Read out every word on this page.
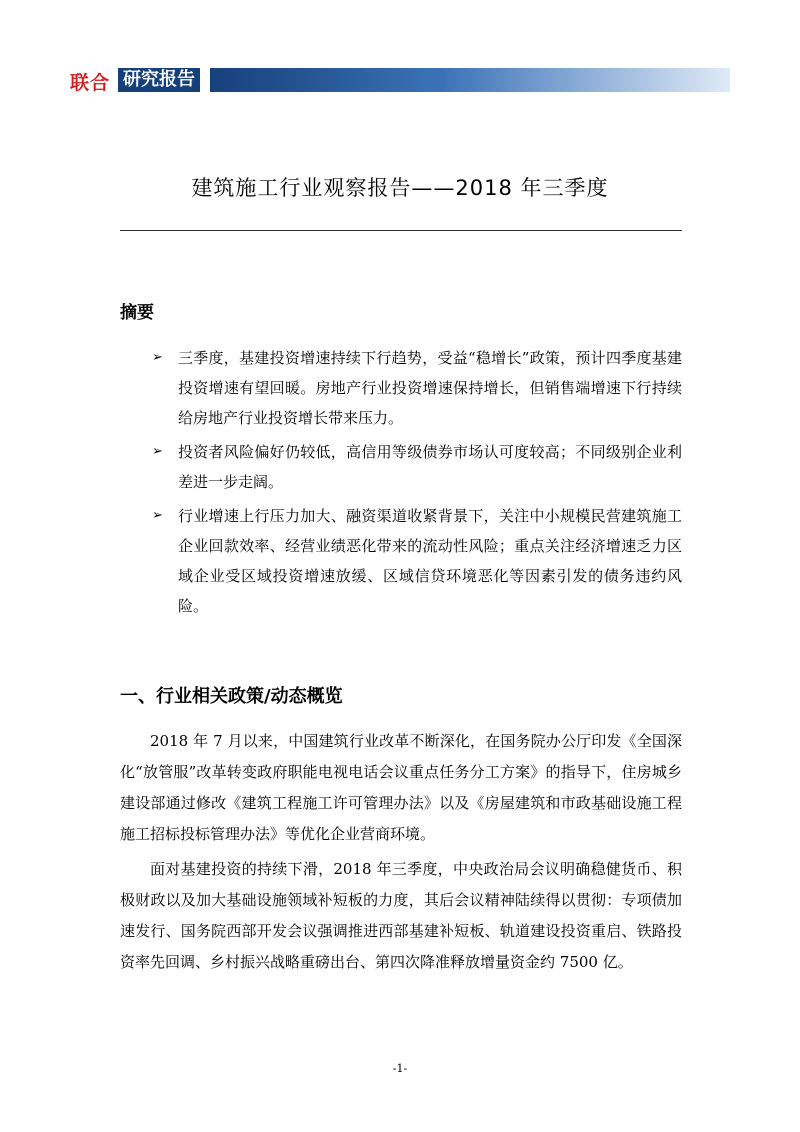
联合 研究报告
建筑施工行业观察报告——2018 年三季度
摘要
➢ 三季度，基建投资增速持续下行趋势，受益“稳增长”政策，预计四季度基建投资增速有望回暖。房地产行业投资增速保持增长，但销售端增速下行持续给房地产行业投资增长带来压力。
➢ 投资者风险偏好仍较低，高信用等级债券市场认可度较高；不同级别企业利差进一步走阔。
➢ 行业增速上行压力加大、融资渠道收紧背景下，关注中小规模民营建筑施工企业回款效率、经营业绩恶化带来的流动性风险；重点关注经济增速乏力区域企业受区域投资增速放缓、区域信贷环境恶化等因素引发的债务违约风险。
一、行业相关政策/动态概览

2018 年 7 月以来，中国建筑行业改革不断深化，在国务院办公厅印发《全国深化“放管服”改革转变政府职能电视电话会议重点任务分工方案》的指导下，住房城乡建设部通过修改《建筑工程施工许可管理办法》以及《房屋建筑和市政基础设施工程施工招标投标管理办法》等优化企业营商环境。

面对基建投资的持续下滑，2018 年三季度，中央政治局会议明确稳健货币、积极财政以及加大基础设施领域补短板的力度，其后会议精神陆续得以贯彻：专项债加速发行、国务院西部开发会议强调推进西部基建补短板、轨道建设投资重启、铁路投资率先回调、乡村振兴战略重磅出台、第四次降准释放增量资金约 7500 亿。

-1-
